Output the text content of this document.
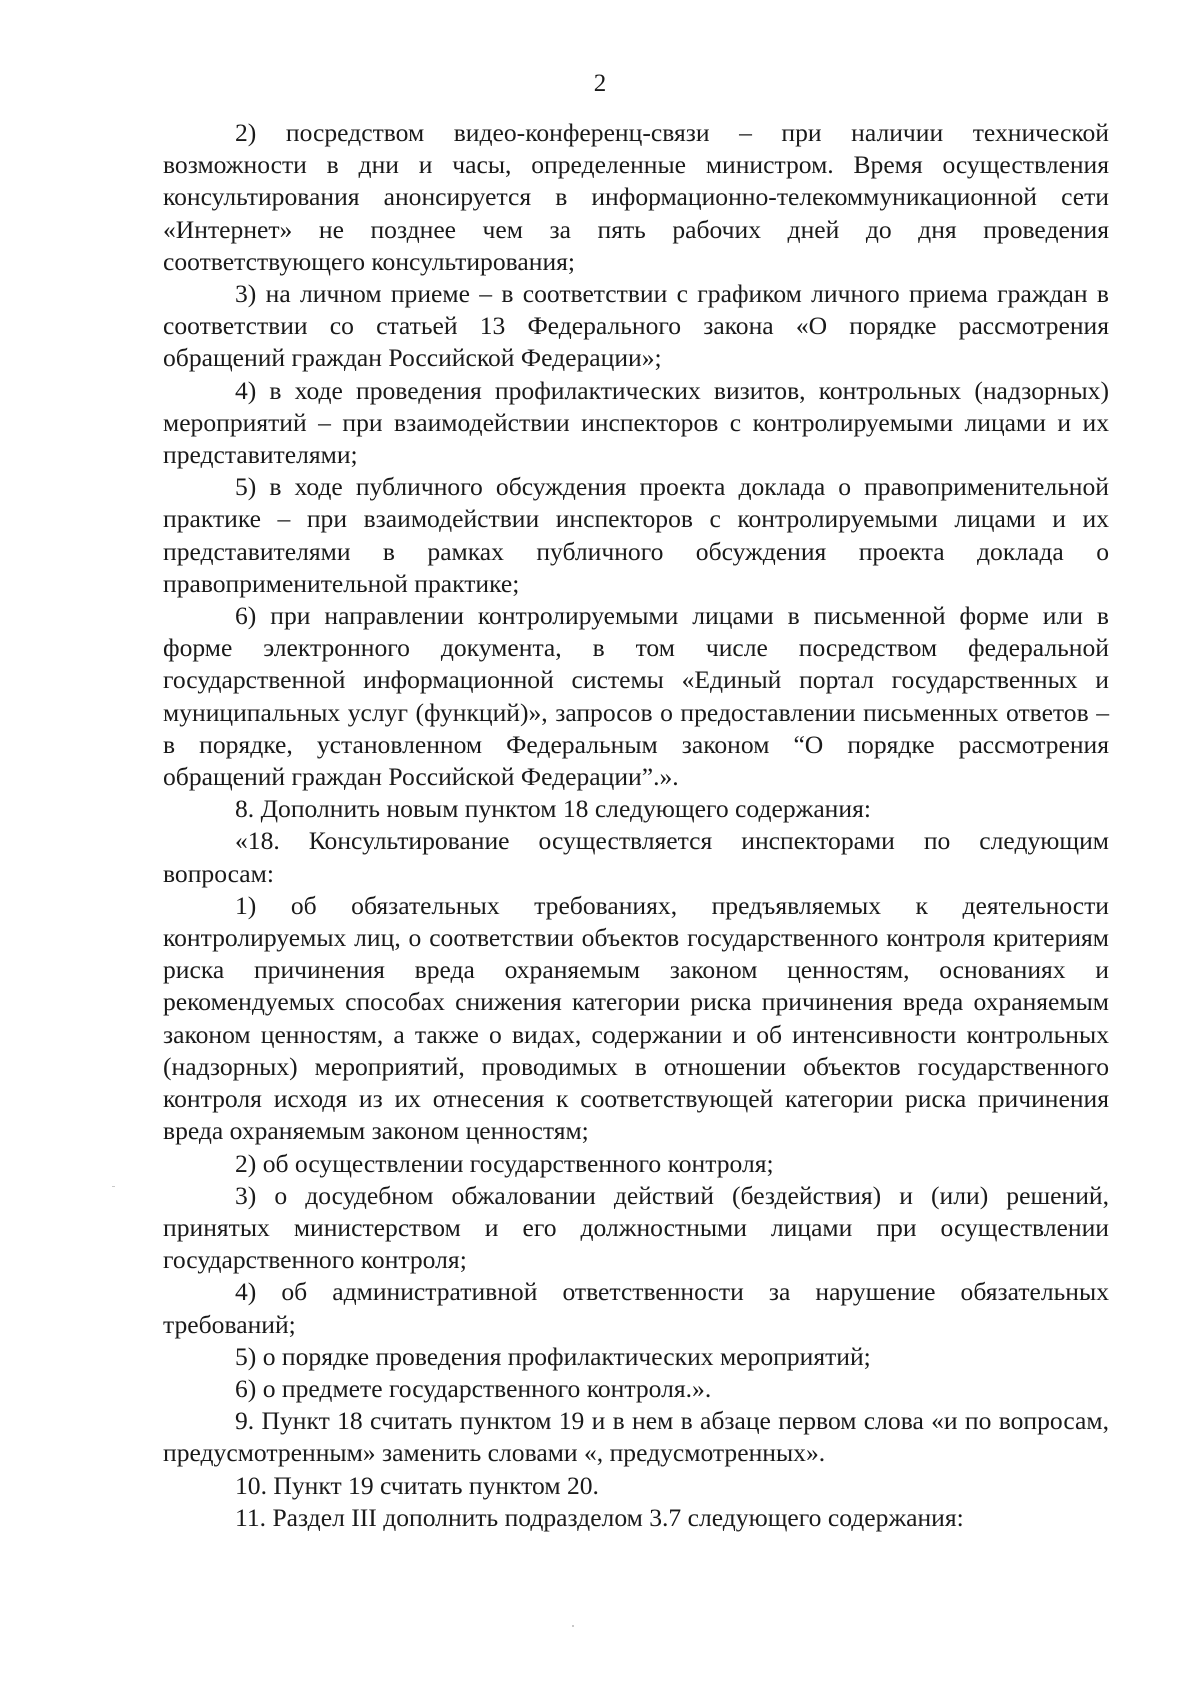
2

2) посредством видео-конференц-связи – при наличии технической возможности в дни и часы, определенные министром. Время осуществления консультирования анонсируется в информационно-телекоммуникационной сети «Интернет» не позднее чем за пять рабочих дней до дня проведения соответствующего консультирования;

3) на личном приеме – в соответствии с графиком личного приема граждан в соответствии со статьей 13 Федерального закона «О порядке рассмотрения обращений граждан Российской Федерации»;

4) в ходе проведения профилактических визитов, контрольных (надзорных) мероприятий – при взаимодействии инспекторов с контролируемыми лицами и их представителями;

5) в ходе публичного обсуждения проекта доклада о правоприменительной практике – при взаимодействии инспекторов с контролируемыми лицами и их представителями в рамках публичного обсуждения проекта доклада о правоприменительной практике;

6) при направлении контролируемыми лицами в письменной форме или в форме электронного документа, в том числе посредством федеральной государственной информационной системы «Единый портал государственных и муниципальных услуг (функций)», запросов о предоставлении письменных ответов – в порядке, установленном Федеральным законом “О порядке рассмотрения обращений граждан Российской Федерации”.».

8. Дополнить новым пунктом 18 следующего содержания:

«18. Консультирование осуществляется инспекторами по следующим вопросам:

1) об обязательных требованиях, предъявляемых к деятельности контролируемых лиц, о соответствии объектов государственного контроля критериям риска причинения вреда охраняемым законом ценностям, основаниях и рекомендуемых способах снижения категории риска причинения вреда охраняемым законом ценностям, а также о видах, содержании и об интенсивности контрольных (надзорных) мероприятий, проводимых в отношении объектов государственного контроля исходя из их отнесения к соответствующей категории риска причинения вреда охраняемым законом ценностям;

2) об осуществлении государственного контроля;

3) о досудебном обжаловании действий (бездействия) и (или) решений, принятых министерством и его должностными лицами при осуществлении государственного контроля;

4) об административной ответственности за нарушение обязательных требований;

5) о порядке проведения профилактических мероприятий;

6) о предмете государственного контроля.».

9. Пункт 18 считать пунктом 19 и в нем в абзаце первом слова «и по вопросам, предусмотренным» заменить словами «, предусмотренных».

10. Пункт 19 считать пунктом 20.

11. Раздел III дополнить подразделом 3.7 следующего содержания:
